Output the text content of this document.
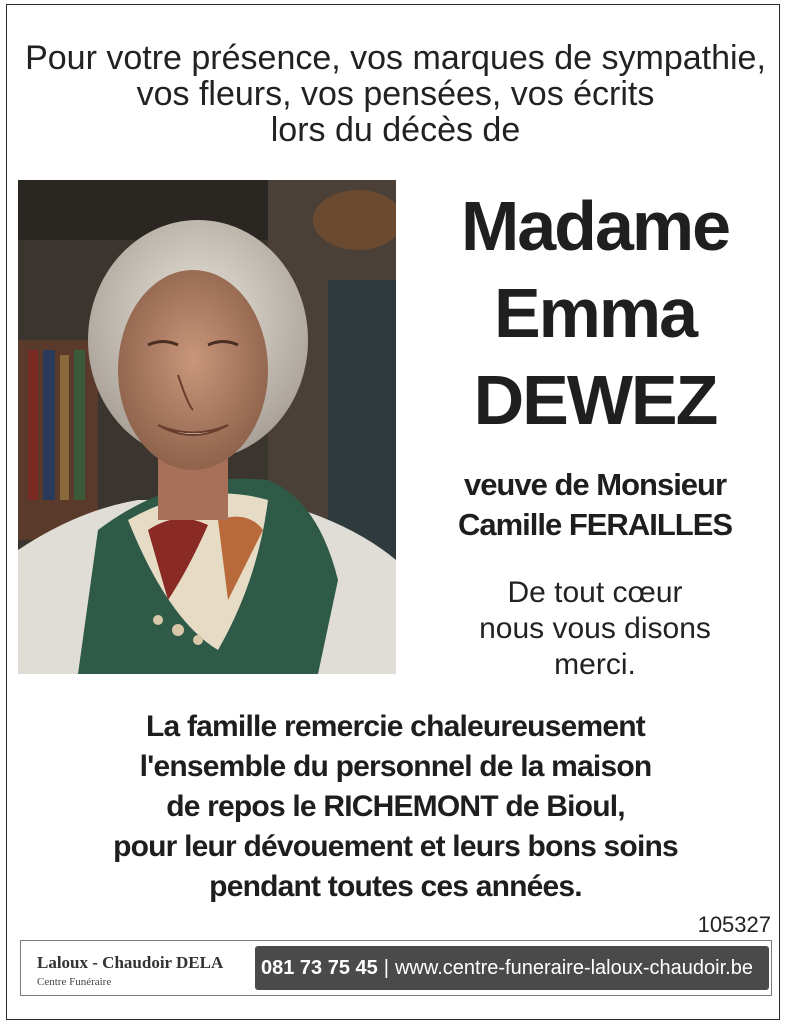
Pour votre présence, vos marques de sympathie,
vos fleurs, vos pensées, vos écrits
lors du décès de
Madame
Emma
DEWEZ
veuve de Monsieur
Camille FERAILLES
De tout cœur
nous vous disons
merci.
La famille remercie chaleureusement
l'ensemble du personnel de la maison
de repos le RICHEMONT de Bioul,
pour leur dévouement et leurs bons soins
pendant toutes ces années.
105327
Laloux - Chaudoir DELA
Centre Funéraire
081 73 75 45 | www.centre-funeraire-laloux-chaudoir.be
